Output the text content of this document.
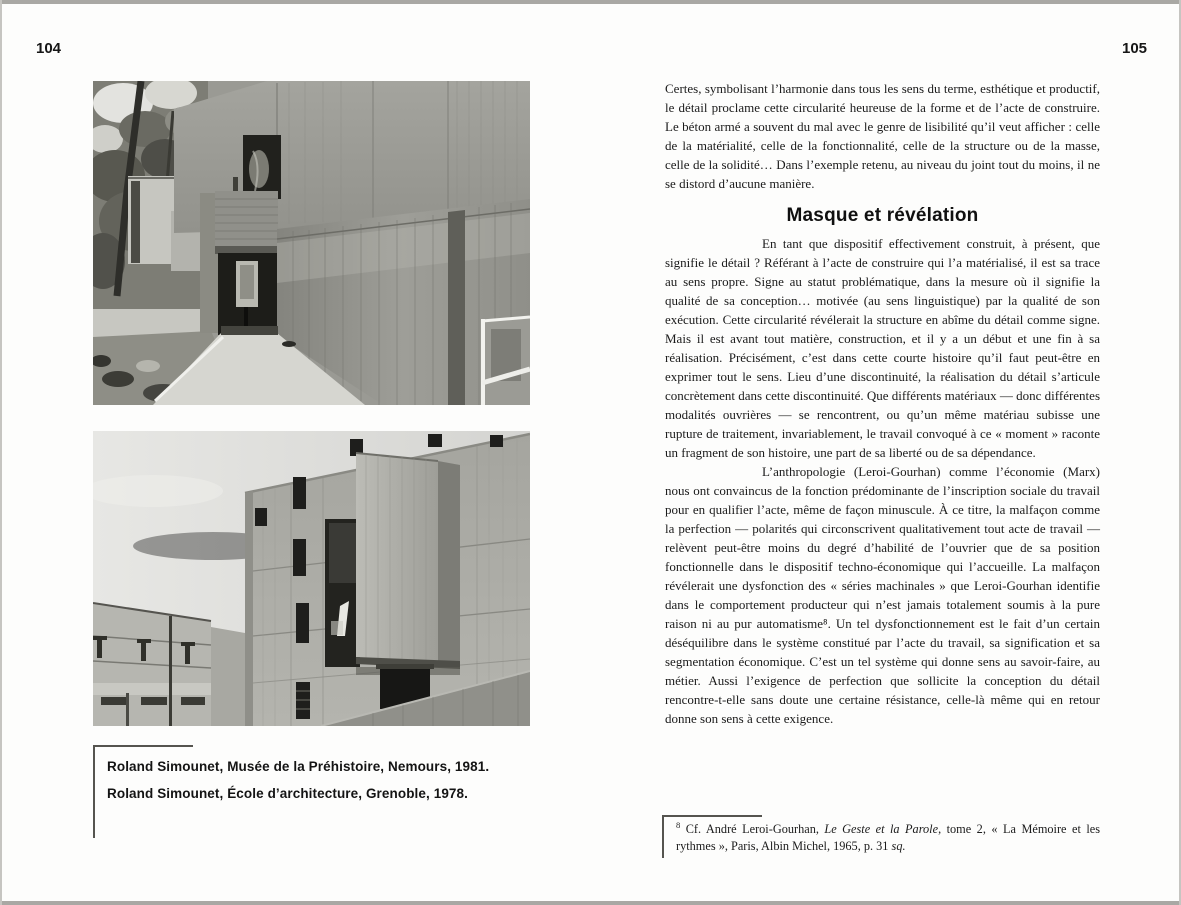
104	105
Roland Simounet, Musée de la Préhistoire, Nemours, 1981.
Roland Simounet, École d’architecture, Grenoble, 1978.

Certes, symbolisant l’harmonie dans tous les sens du terme, esthétique et productif, le détail proclame cette circularité heureuse de la forme et de l’acte de construire. Le béton armé a souvent du mal avec le genre de lisibilité qu’il veut afficher : celle de la matérialité, celle de la fonctionnalité, celle de la structure ou de la masse, celle de la solidité… Dans l’exemple retenu, au niveau du joint tout du moins, il ne se distord d’aucune manière.

Masque et révélation

En tant que dispositif effectivement construit, à présent, que signifie le détail ? Référant à l’acte de construire qui l’a matérialisé, il est sa trace au sens propre. Signe au statut problématique, dans la mesure où il signifie la qualité de sa conception… motivée (au sens linguistique) par la qualité de son exécution. Cette circularité révélerait la structure en abîme du détail comme signe. Mais il est avant tout matière, construction, et il y a un début et une fin à sa réalisation. Précisément, c’est dans cette courte histoire qu’il faut peut-être en exprimer tout le sens. Lieu d’une discontinuité, la réalisation du détail s’articule concrètement dans cette discontinuité. Que différents matériaux — donc différentes modalités ouvrières — se rencontrent, ou qu’un même matériau subisse une rupture de traitement, invariablement, le travail convoqué à ce « moment » raconte un fragment de son histoire, une part de sa liberté ou de sa dépendance.

L’anthropologie (Leroi-Gourhan) comme l’économie (Marx) nous ont convaincus de la fonction prédominante de l’inscription sociale du travail pour en qualifier l’acte, même de façon minuscule. À ce titre, la malfaçon comme la perfection — polarités qui circonscrivent qualitativement tout acte de travail — relèvent peut-être moins du degré d’habilité de l’ouvrier que de sa position fonctionnelle dans le dispositif techno-économique qui l’accueille. La malfaçon révélerait une dysfonction des « séries machinales » que Leroi-Gourhan identifie dans le comportement producteur qui n’est jamais totalement soumis à la pure raison ni au pur automatisme⁸. Un tel dysfonctionnement est le fait d’un certain déséquilibre dans le système constitué par l’acte du travail, sa signification et sa segmentation économique. C’est un tel système qui donne sens au savoir-faire, au métier. Aussi l’exigence de perfection que sollicite la conception du détail rencontre-t-elle sans doute une certaine résistance, celle-là même qui en retour donne son sens à cette exigence.

$^8$ Cf. André Leroi-Gourhan, Le Geste et la Parole, tome 2, « La Mémoire et les rythmes », Paris, Albin Michel, 1965, p. 31 sq.
